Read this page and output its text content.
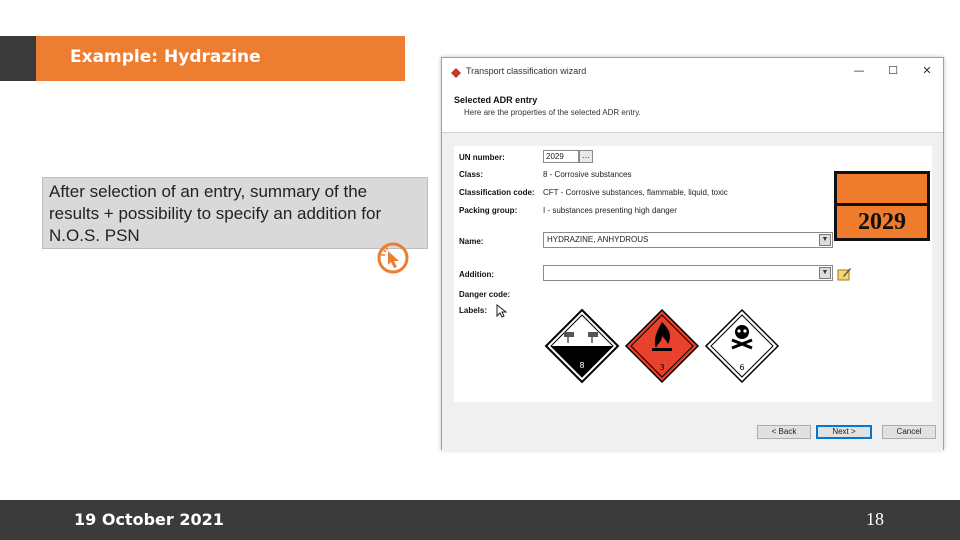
Example: Hydrazine
After selection of an entry, summary of the results + possibility to specify an addition for N.O.S. PSN
Transport classification wizard	—	☐	✕
Selected ADR entry
Here are the properties of the selected ADR entry.
UN number:	2029	…
Class:	8 - Corrosive substances
Classification code: CFT - Corrosive substances, flammable, liquid, toxic
Packing group:	I - substances presenting high danger
Name:	HYDRAZINE, ANHYDROUS	▼
Addition:	▼
Danger code:
Labels:
8	3	6
< Back	Next >	Cancel
2029
19 October 2021	18
